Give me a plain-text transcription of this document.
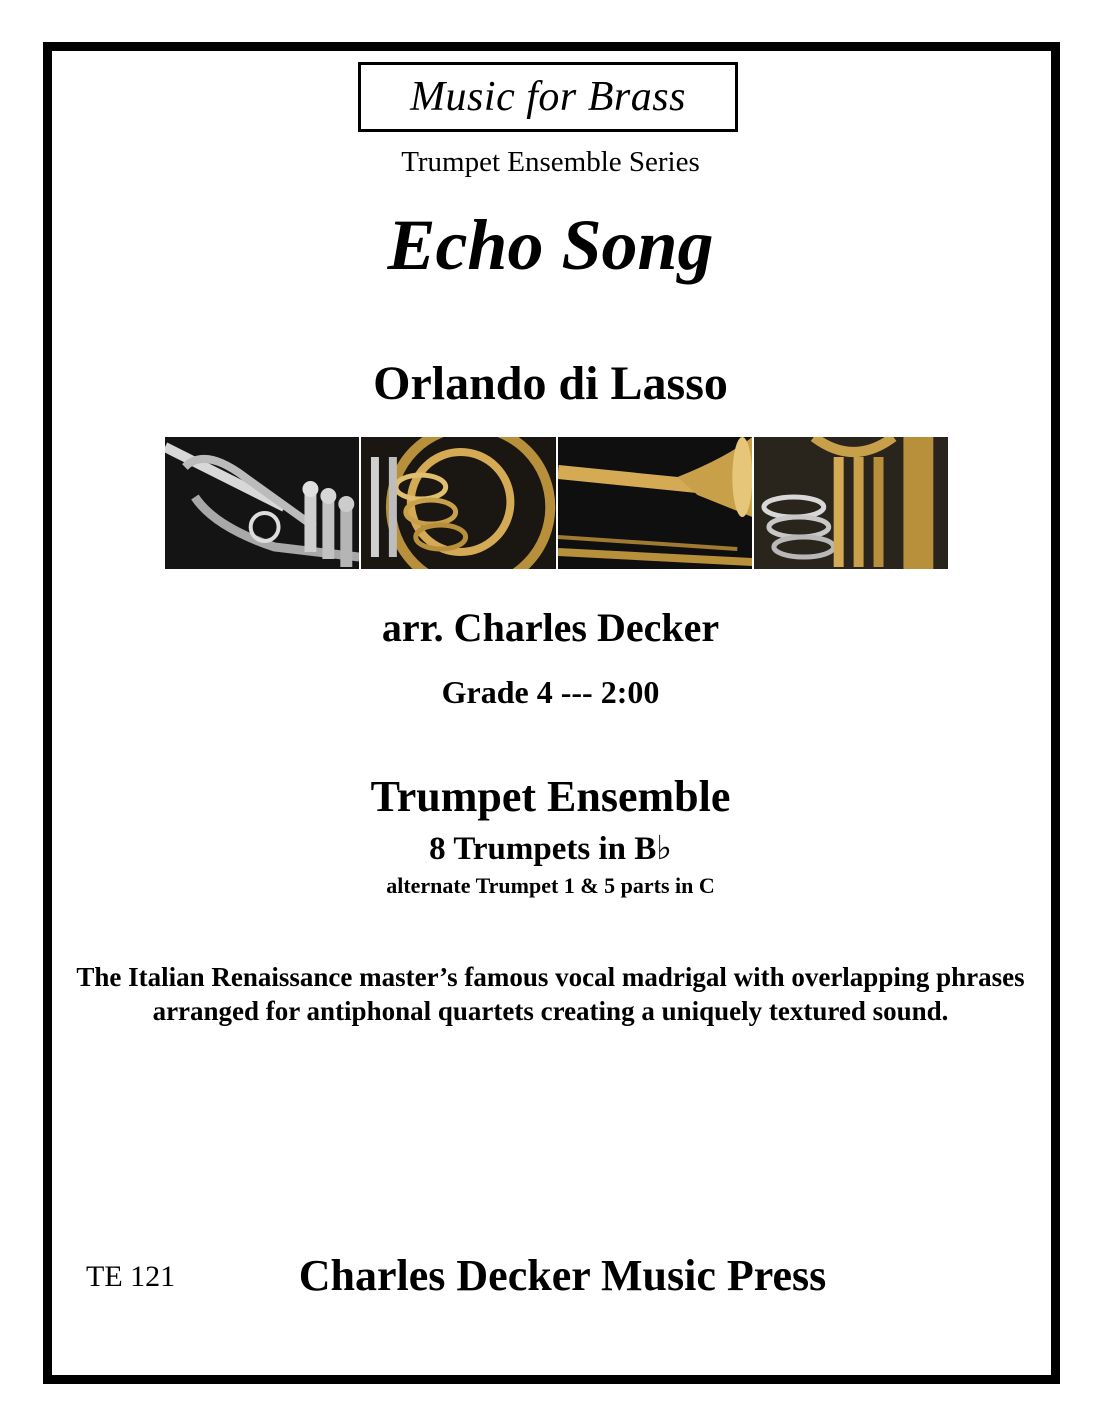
Music for Brass
Trumpet Ensemble Series
Echo Song
Orlando di Lasso
arr. Charles Decker
Grade 4 --- 2:00
Trumpet Ensemble
8 Trumpets in B♭
alternate Trumpet 1 & 5 parts in C
The Italian Renaissance master’s famous vocal madrigal with overlapping phrases arranged for antiphonal quartets creating a uniquely textured sound.
TE 121	Charles Decker Music Press
